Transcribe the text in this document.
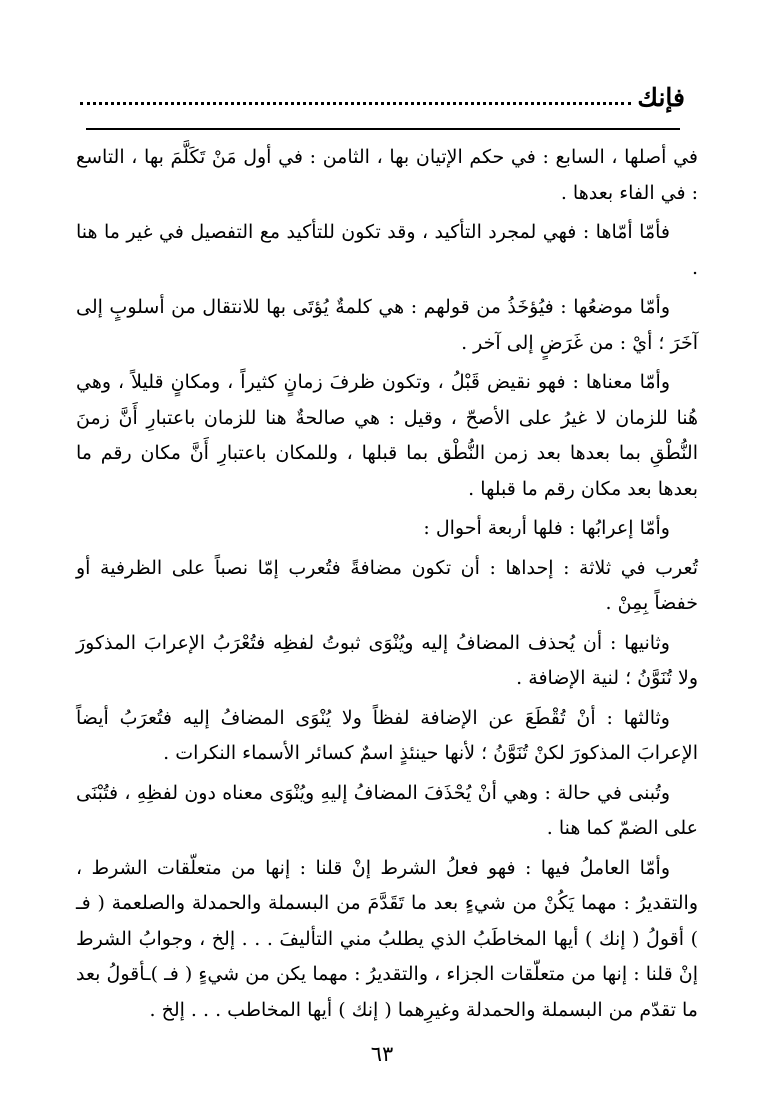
فإنك

في أصلها ، السابع : في حكم الإتيان بها ، الثامن : في أول مَنْ تَكَلَّمَ بها ، التاسع : في الفاء بعدها .

فأمّا أمّاها : فهي لمجرد التأكيد ، وقد تكون للتأكيد مع التفصيل في غير ما هنا .

وأمّا موضعُها : فيُؤخَذُ من قولهم : هي كلمةٌ يُؤتَى بها للانتقال من أسلوبٍ إلى آخَرَ ؛ أيْ : من غَرَضٍ إلى آخر .

وأمّا معناها : فهو نقيض قَبْلُ ، وتكون ظرفَ زمانٍ كثيراً ، ومكانٍ قليلاً ، وهي هُنا للزمان لا غيرُ على الأصحّ ، وقيل : هي صالحةٌ هنا للزمان باعتبارِ أَنَّ زمنَ النُّطْقِ بما بعدها بعد زمن النُّطْق بما قبلها ، وللمكان باعتبارِ أَنَّ مكان رقم ما بعدها بعد مكان رقم ما قبلها .

وأمّا إعرابُها : فلها أربعة أحوال :

تُعرب في ثلاثة : إحداها : أن تكون مضافةً فتُعرب إمّا نصباً على الظرفية أو خفضاً بِمِنْ .

وثانيها : أن يُحذف المضافُ إليه ويُنْوَى ثبوتُ لفظِه فتُعْرَبُ الإعرابَ المذكورَ ولا تُنَوَّنُ ؛ لنية الإضافة .

وثالثها : أنْ تُقْطَعَ عن الإضافة لفظاً ولا يُنْوَى المضافُ إليه فتُعرَبُ أيضاً الإعرابَ المذكورَ لكنْ تُنَوَّنُ ؛ لأنها حينئذٍ اسمٌ كسائر الأسماء النكرات .

وتُبنى في حالة : وهي أنْ يُحْذَفَ المضافُ إليهِ ويُنْوَى معناه دون لفظِهِ ، فتُبْنَى على الضمّ كما هنا .

وأمّا العاملُ فيها : فهو فعلُ الشرط إنْ قلنا : إنها من متعلّقات الشرط ، والتقديرُ : مهما يَكُنْ من شيءٍ بعد ما تَقَدَّمَ من البسملة والحمدلة والصلعمة ( فـ ) أقولُ ( إنك ) أيها المخاطَبُ الذي يطلبُ مني التأليفَ . . . إلخ ، وجوابُ الشرط إنْ قلنا : إنها من متعلّقات الجزاء ، والتقديرُ : مهما يكن من شيءٍ ( فـ )ـأقولُ بعد ما تقدّم من البسملة والحمدلة وغيرِهما ( إنك ) أيها المخاطب . . . إلخ .

٦٣
